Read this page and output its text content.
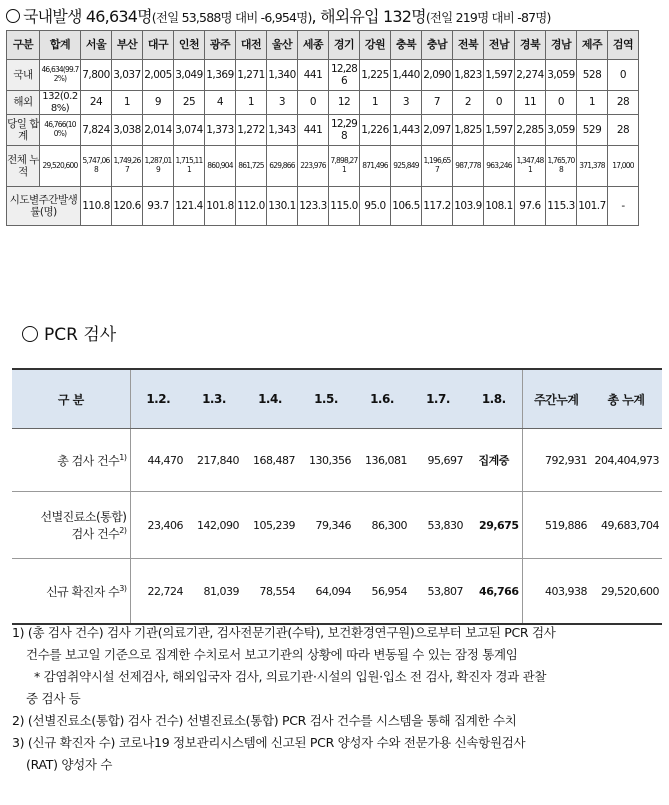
국내발생 46,634명(전일 53,588명 대비 -6,954명), 해외유입 132명(전일 219명 대비 -87명)
구분	합계	서울	부산	대구	인천	광주	대전	울산	세종	경기	강원	충북	충남	전북	전남	경북	경남	제주	검역
국내	46,634(99.72%)	7,800	3,037	2,005	3,049	1,369	1,271	1,340	441	12,286	1,225	1,440	2,090	1,823	1,597	2,274	3,059	528	0
해외	132(0.28%)	24	1	9	25	4	1	3	0	12	1	3	7	2	0	11	0	1	28
당일 합계	46,766(100%)	7,824	3,038	2,014	3,074	1,373	1,272	1,343	441	12,298	1,226	1,443	2,097	1,825	1,597	2,285	3,059	529	28
전체 누적	29,520,600	5,747,068	1,749,267	1,287,019	1,715,111	860,904	861,725	629,866	223,976	7,898,271	871,496	925,849	1,196,657	987,778	963,246	1,347,481	1,765,708	371,378	17,000
시도별주간발생률(명)		110.8	120.6	93.7	121.4	101.8	112.0	130.1	123.3	115.0	95.0	106.5	117.2	103.9	108.1	97.6	115.3	101.7	-
PCR 검사
구 분	1.2.	1.3.	1.4.	1.5.	1.6.	1.7.	1.8.	주간누계	총 누계
총 검사 건수$^{1)}$	44,470	217,840	168,487	130,356	136,081	95,697	집계중	792,931	204,404,973
선별진료소(통합) 검사 건수$^{2)}$	23,406	142,090	105,239	79,346	86,300	53,830	29,675	519,886	49,683,704
신규 확진자 수$^{3)}$	22,724	81,039	78,554	64,094	56,954	53,807	46,766	403,938	29,520,600

1) (총 검사 건수) 검사 기관(의료기관, 검사전문기관(수탁), 보건환경연구원)으로부터 보고된 PCR 검사

건수를 보고일 기준으로 집계한 수치로서 보고기관의 상황에 따라 변동될 수 있는 잠정 통계임

* 감염취약시설 선제검사, 해외입국자 검사, 의료기관·시설의 입원·입소 전 검사, 확진자 경과 관찰

중 검사 등

2) (선별진료소(통합) 검사 건수) 선별진료소(통합) PCR 검사 건수를 시스템을 통해 집계한 수치

3) (신규 확진자 수) 코로나19 정보관리시스템에 신고된 PCR 양성자 수와 전문가용 신속항원검사

(RAT) 양성자 수
